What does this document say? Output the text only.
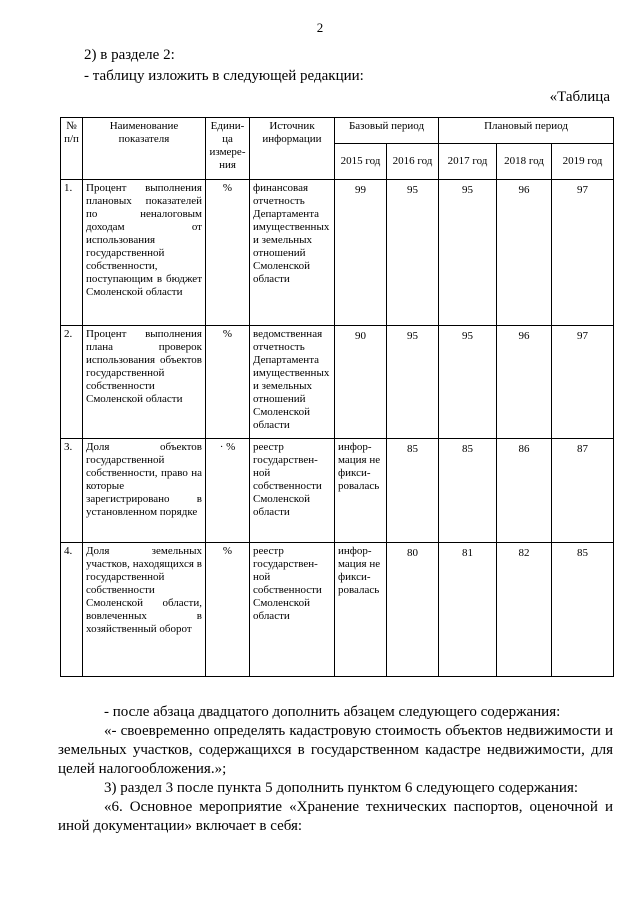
2
2) в разделе 2:
- таблицу изложить в следующей редакции:
«Таблица
№ п/п	Наименование показателя	Едини-ца измере-ния	Источник информации	Базовый период		Плановый период		
				2015 год	2016 год	2017 год	2018 год	2019 год
1.	Процент выполнения плановых показателей по неналоговым доходам от использования государственной собственности, поступающим в бюджет Смоленской области	%	финансовая отчетность Департамента имущественных и земельных отношений Смоленской области	99	95	95	96	97
2.	Процент выполнения плана проверок использования объектов государственной собственности Смоленской области	%	ведомственная отчетность Департамента имущественных и земельных отношений Смоленской области	90	95	95	96	97
3.	Доля объектов государственной собственности, право на которые зарегистрировано в установленном порядке	· %	реестр государствен-ной собственности Смоленской области	инфор-мация не фикси-ровалась	85	85	86	87
4.	Доля земельных участков, находящихся в государственной собственности Смоленской области, вовлеченных в хозяйственный оборот	%	реестр государствен-ной собственности Смоленской области	инфор-мация не фикси-ровалась	80	81	82	85
- после абзаца двадцатого дополнить абзацем следующего содержания:
«- своевременно определять кадастровую стоимость объектов недвижимости и земельных участков, содержащихся в государственном кадастре недвижимости, для целей налогообложения.»;
3) раздел 3 после пункта 5 дополнить пунктом 6 следующего содержания:
«6. Основное мероприятие «Хранение технических паспортов, оценочной и иной документации» включает в себя:
